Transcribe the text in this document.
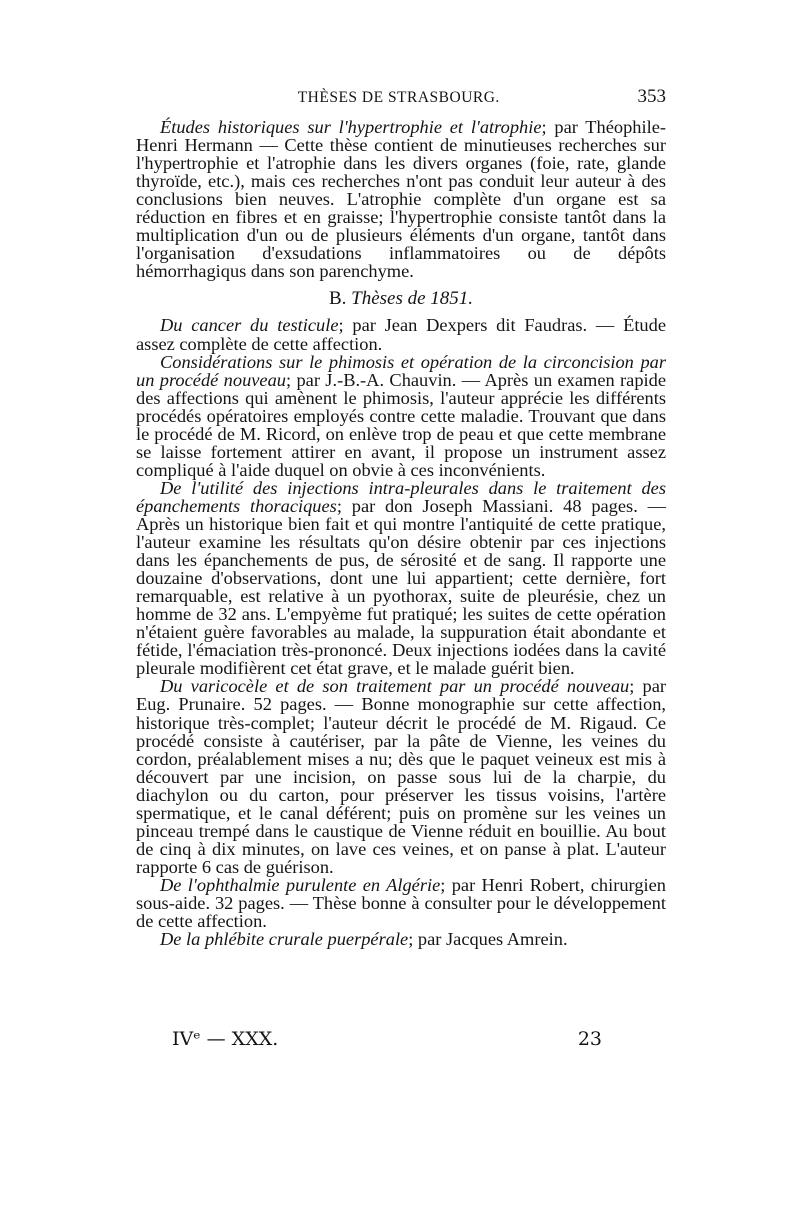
THÈSES DE STRASBOURG.	353

Études historiques sur l'hypertrophie et l'atrophie; par Théophile-Henri Hermann — Cette thèse contient de minutieuses recherches sur l'hypertrophie et l'atrophie dans les divers organes (foie, rate, glande thyroïde, etc.), mais ces recherches n'ont pas conduit leur auteur à des conclusions bien neuves. L'atrophie complète d'un organe est sa réduction en fibres et en graisse; l'hypertrophie consiste tantôt dans la multiplication d'un ou de plusieurs éléments d'un organe, tantôt dans l'organisation d'exsudations inflammatoires ou de dépôts hémorrhagiqus dans son parenchyme.

B. Thèses de 1851.

Du cancer du testicule; par Jean Dexpers dit Faudras. — Étude assez complète de cette affection.

Considérations sur le phimosis et opération de la circoncision par un procédé nouveau; par J.-B.-A. Chauvin. — Après un examen rapide des affections qui amènent le phimosis, l'auteur apprécie les différents procédés opératoires employés contre cette maladie. Trouvant que dans le procédé de M. Ricord, on enlève trop de peau et que cette membrane se laisse fortement attirer en avant, il propose un instrument assez compliqué à l'aide duquel on obvie à ces inconvénients.

De l'utilité des injections intra-pleurales dans le traitement des épanchements thoraciques; par don Joseph Massiani. 48 pages. — Après un historique bien fait et qui montre l'antiquité de cette pratique, l'auteur examine les résultats qu'on désire obtenir par ces injections dans les épanchements de pus, de sérosité et de sang. Il rapporte une douzaine d'observations, dont une lui appartient; cette dernière, fort remarquable, est relative à un pyothorax, suite de pleurésie, chez un homme de 32 ans. L'empyème fut pratiqué; les suites de cette opération n'étaient guère favorables au malade, la suppuration était abondante et fétide, l'émaciation très-prononcé. Deux injections iodées dans la cavité pleurale modifièrent cet état grave, et le malade guérit bien.

Du varicocèle et de son traitement par un procédé nouveau; par Eug. Prunaire. 52 pages. — Bonne monographie sur cette affection, historique très-complet; l'auteur décrit le procédé de M. Rigaud. Ce procédé consiste à cautériser, par la pâte de Vienne, les veines du cordon, préalablement mises a nu; dès que le paquet veineux est mis à découvert par une incision, on passe sous lui de la charpie, du diachylon ou du carton, pour préserver les tissus voisins, l'artère spermatique, et le canal déférent; puis on promène sur les veines un pinceau trempé dans le caustique de Vienne réduit en bouillie. Au bout de cinq à dix minutes, on lave ces veines, et on panse à plat. L'auteur rapporte 6 cas de guérison.

De l'ophthalmie purulente en Algérie; par Henri Robert, chirurgien sous-aide. 32 pages. — Thèse bonne à consulter pour le développement de cette affection.

De la phlébite crurale puerpérale; par Jacques Amrein.

IVᵉ — XXX.	23
